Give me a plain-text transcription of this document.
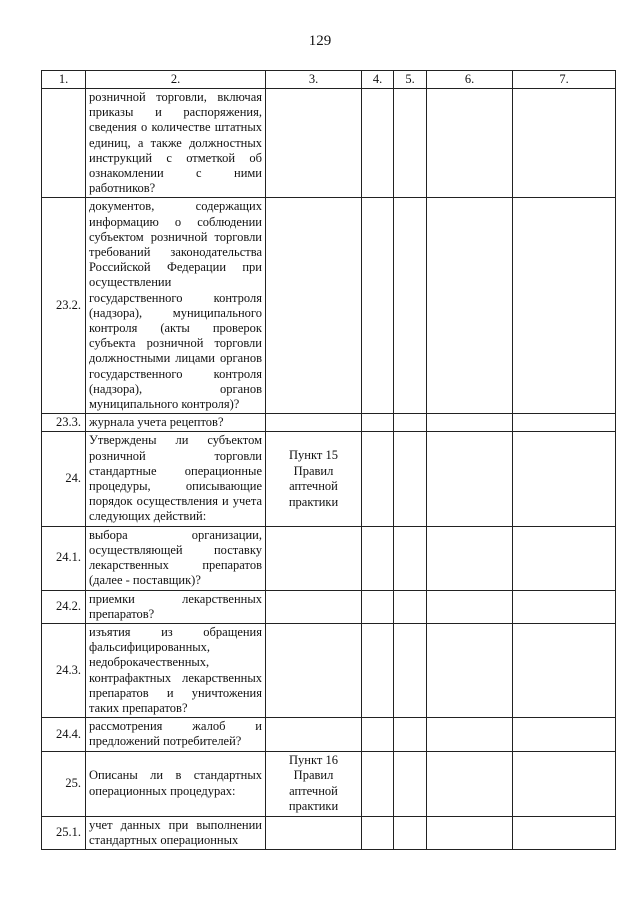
129
1.	2.	3.	4.	5.	6.	7.
	розничной торговли, включая приказы и распоряжения, сведения о количестве штатных единиц, а также должностных инструкций с отметкой об ознакомлении с ними работников?					
23.2.	документов, содержащих информацию о соблюдении субъектом розничной торговли требований законодательства Российской Федерации при осуществлении государственного контроля (надзора), муниципального контроля (акты проверок субъекта розничной торговли должностными лицами органов государственного контроля (надзора), органов муниципального контроля)?					
23.3.	журнала учета рецептов?					
24.	Утверждены ли субъектом розничной торговли стандартные операционные процедуры, описывающие порядок осуществления и учета следующих действий:	Пункт 15 Правил аптечной практики				
24.1.	выбора организации, осуществляющей поставку лекарственных препаратов (далее - поставщик)?					
24.2.	приемки лекарственных препаратов?					
24.3.	изъятия из обращения фальсифицированных, недоброкачественных, контрафактных лекарственных препаратов и уничтожения таких препаратов?					
24.4.	рассмотрения жалоб и предложений потребителей?					
25.	Описаны ли в стандартных операционных процедурах:	Пункт 16 Правил аптечной практики				
25.1.	учет данных при выполнении стандартных операционных					
